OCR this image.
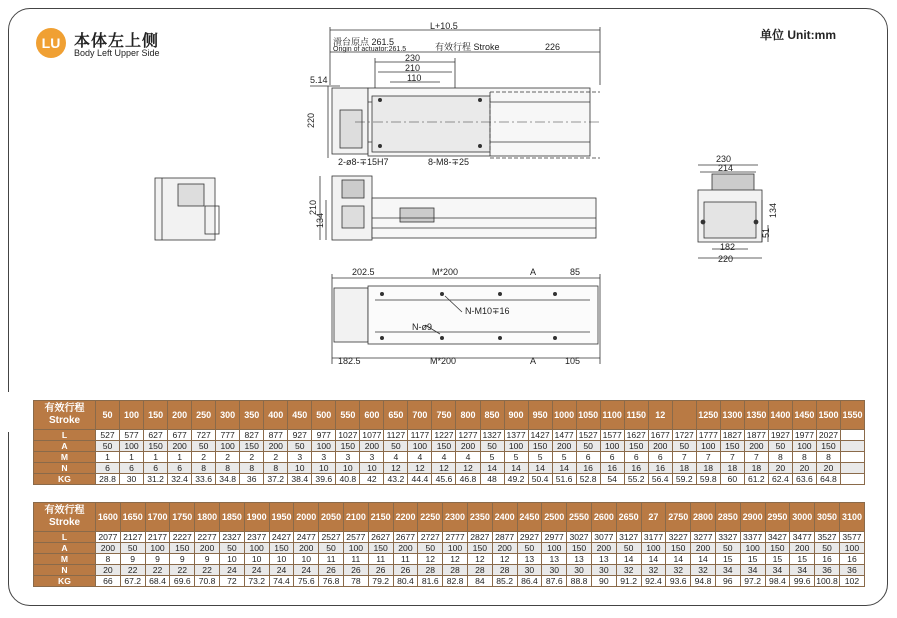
LU 本体左上侧
Body Left Upper Side
单位 Unit:mm
L+10.5
滑台原点 261.5
Origin of actuator:261.5	有效行程 Stroke	226
230
210
110
5.14
220
2-ø8-∓15H7	8-M8-∓25
210
134
230
214
134
51
182
220
202.5	M*200	A	85
N-M10∓16
N-ø9
182.5	M*200	A	105
有效行程
Stroke	50	100	150	200	250	300	350	400	450	500	550	600	650	700	750	800	850	900	950	1000	1050	1100	1150	12		1250	1300	1350	1400	1450	1500	1550
L	527	577	627	677	727	777	827	877	927	977	1027	1077	1127	1177	1227	1277	1327	1377	1427	1477	1527	1577	1627	1677	1727	1777	1827	1877	1927	1977	2027	
A	50	100	150	200	50	100	150	200	50	100	150	200	50	100	150	200	50	100	150	200	50	100	150	200	50	100	150	200	50	100	150	
M	1	1	1	1	2	2	2	2	3	3	3	3	4	4	4	4	5	5	5	5	6	6	6	6	7	7	7	7	8	8	8	
N	6	6	6	6	8	8	8	8	10	10	10	10	12	12	12	12	14	14	14	14	16	16	16	16	18	18	18	18	20	20	20	
KG	28.8	30	31.2	32.4	33.6	34.8	36	37.2	38.4	39.6	40.8	42	43.2	44.4	45.6	46.8	48	49.2	50.4	51.6	52.8	54	55.2	56.4	59.2	59.8	60	61.2	62.4	63.6	64.8	
有效行程
Stroke	1600	1650	1700	1750	1800	1850	1900	1950	2000	2050	2100	2150	2200	2250	2300	2350	2400	2450	2500	2550	2600	2650	27	2750	2800	2850	2900	2950	3000	3050	3100
L	2077	2127	2177	2227	2277	2327	2377	2427	2477	2527	2577	2627	2677	2727	2777	2827	2877	2927	2977	3027	3077	3127	3177	3227	3277	3327	3377	3427	3477	3527	3577
A	200	50	100	150	200	50	100	150	200	50	100	150	200	50	100	150	200	50	100	150	200	50	100	150	200	50	100	150	200	50	100
M	8	9	9	9	9	10	10	10	10	11	11	11	11	12	12	12	12	13	13	13	13	14	14	14	14	15	15	15	15	16	16
N	20	22	22	22	22	24	24	24	24	26	26	26	26	28	28	28	28	30	30	30	30	32	32	32	32	34	34	34	34	36	36
KG	66	67.2	68.4	69.6	70.8	72	73.2	74.4	75.6	76.8	78	79.2	80.4	81.6	82.8	84	85.2	86.4	87.6	88.8	90	91.2	92.4	93.6	94.8	96	97.2	98.4	99.6	100.8	102
